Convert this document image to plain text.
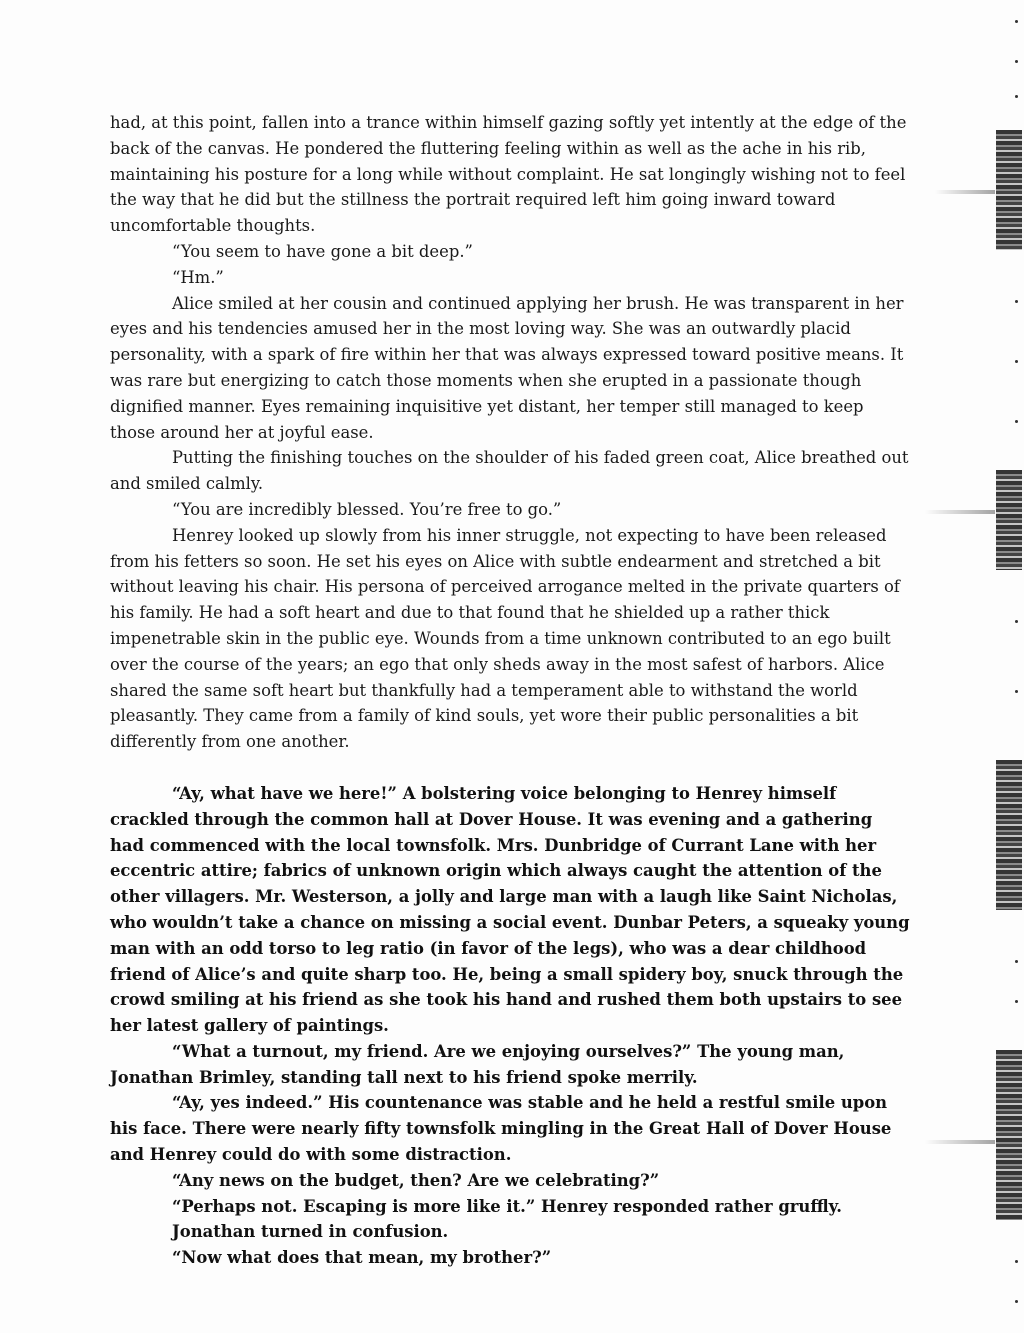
had, at this point, fallen into a trance within himself gazing softly yet intently at the edge of the back of the canvas. He pondered the fluttering feeling within as well as the ache in his rib, maintaining his posture for a long while without complaint. He sat longingly wishing not to feel the way that he did but the stillness the portrait required left him going inward toward uncomfortable thoughts.

“You seem to have gone a bit deep.”

“Hm.”

Alice smiled at her cousin and continued applying her brush. He was transparent in her eyes and his tendencies amused her in the most loving way. She was an outwardly placid personality, with a spark of fire within her that was always expressed toward positive means. It was rare but energizing to catch those moments when she erupted in a passionate though dignified manner. Eyes remaining inquisitive yet distant, her temper still managed to keep those around her at joyful ease.

Putting the finishing touches on the shoulder of his faded green coat, Alice breathed out and smiled calmly.

“You are incredibly blessed. You’re free to go.”

Henrey looked up slowly from his inner struggle, not expecting to have been released from his fetters so soon. He set his eyes on Alice with subtle endearment and stretched a bit without leaving his chair. His persona of perceived arrogance melted in the private quarters of his family. He had a soft heart and due to that found that he shielded up a rather thick impenetrable skin in the public eye. Wounds from a time unknown contributed to an ego built over the course of the years; an ego that only sheds away in the most safest of harbors. Alice shared the same soft heart but thankfully had a temperament able to withstand the world pleasantly. They came from a family of kind souls, yet wore their public personalities a bit differently from one another.

“Ay, what have we here!” A bolstering voice belonging to Henrey himself crackled through the common hall at Dover House. It was evening and a gathering had commenced with the local townsfolk. Mrs. Dunbridge of Currant Lane with her eccentric attire; fabrics of unknown origin which always caught the attention of the other villagers. Mr. Westerson, a jolly and large man with a laugh like Saint Nicholas, who wouldn’t take a chance on missing a social event. Dunbar Peters, a squeaky young man with an odd torso to leg ratio (in favor of the legs), who was a dear childhood friend of Alice’s and quite sharp too. He, being a small spidery boy, snuck through the crowd smiling at his friend as she took his hand and rushed them both upstairs to see her latest gallery of paintings.

“What a turnout, my friend. Are we enjoying ourselves?” The young man, Jonathan Brimley, standing tall next to his friend spoke merrily.

“Ay, yes indeed.” His countenance was stable and he held a restful smile upon his face. There were nearly fifty townsfolk mingling in the Great Hall of Dover House and Henrey could do with some distraction.

“Any news on the budget, then? Are we celebrating?”

“Perhaps not. Escaping is more like it.” Henrey responded rather gruffly.

Jonathan turned in confusion.

“Now what does that mean, my brother?”
